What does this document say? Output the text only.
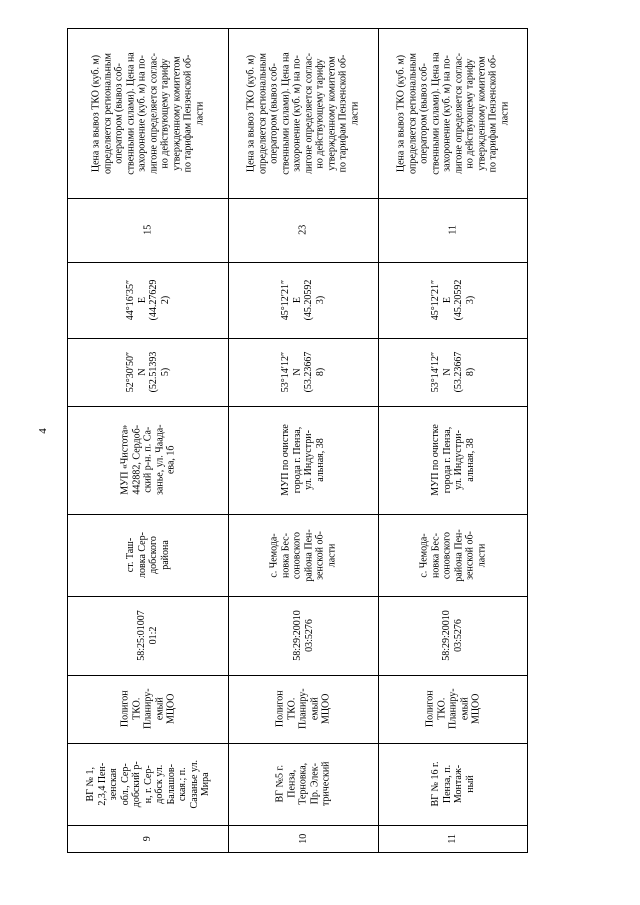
4
Цена за вывоз ТКО (куб. м)
определяется региональным
оператором (вывоз соб-
ственными силами). Цена на
захоронение (куб. м) на по-
лигоне определяется соглас-
но действующему тарифу
утвержденному комитетом
по тарифам Пензенской об-
ласти
15
44°16′35″
E
(44.27629
2)
52°30′50″
N
(52.51393
5)
МУП «Чистота»
442882, Сердоб-
ский р-н. п. Са-
занье, ул. Чаада-
ева, 1б
ст. Таш-
ловка Сер-
добского
района
58:25:01007
01:2
Полигон
ТКО.
Планиру-
емый
МЦОО
ВГ № 1,
2,3,4 Пен-
зенская
обл., Сер-
добский р-
н, г. Сер-
добск ул.
Балашов-
ская.; п.
Сазанье ул.
Мира
9
Цена за вывоз ТКО (куб. м)
определяется региональным
оператором (вывоз соб-
ственными силами). Цена на
захоронение (куб. м) на по-
лигоне определяется соглас-
но действующему тарифу
утвержденному комитетом
по тарифам Пензенской об-
ласти
23
45°12′21″
E
(45.20592
3)
53°14′12″
N
(53.23667
8)
МУП по очистке
города г. Пенза,
ул. Индустри-
альная, 38
с. Чемода-
новка Бес-
соновского
района Пен-
зенской об-
ласти
58:29:20010
03:5276
Полигон
ТКО.
Планиру-
емый
МЦОО
ВГ №5 г.
Пенза,
Терновка,
Пр. Элек-
трический
10
Цена за вывоз ТКО (куб. м)
определяется региональным
оператором (вывоз соб-
ственными силами). Цена на
захоронение (куб. м) на по-
лигоне определяется соглас-
но действующему тарифу
утвержденному комитетом
по тарифам Пензенской об-
ласти
11
45°12′21″
E
(45.20592
3)
53°14′12″
N
(53.23667
8)
МУП по очистке
города г. Пенза,
ул. Индустри-
альная, 38
с. Чемода-
новка Бес-
соновского
района Пен-
зенской об-
ласти
58:29:20010
03:5276
Полигон
ТКО.
Планиру-
емый
МЦОО
ВГ № 16 г.
Пенза, п.
Монтаж-
ный
11
